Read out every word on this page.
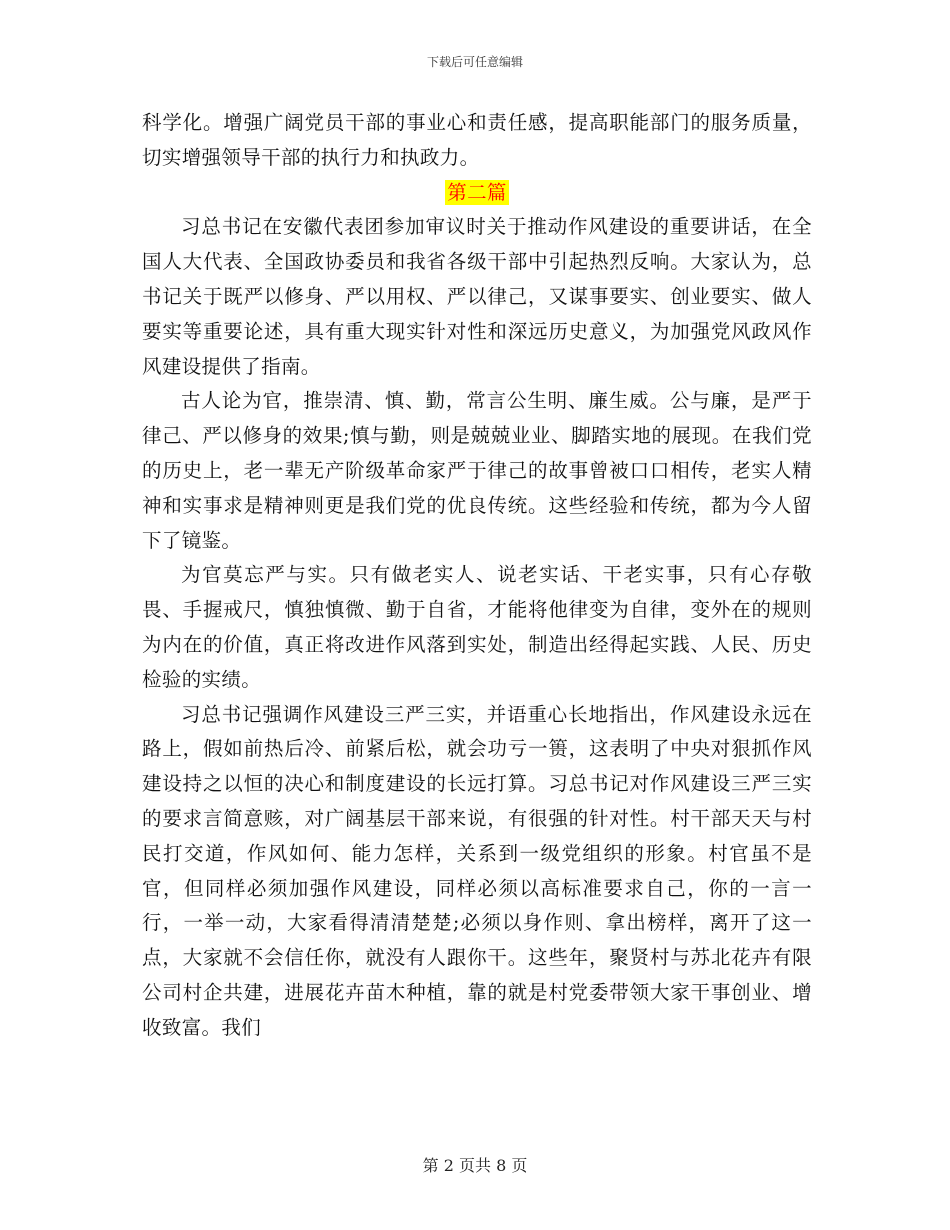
下载后可任意编辑

科学化。增强广阔党员干部的事业心和责任感，提高职能部门的服务质量，切实增强领导干部的执行力和执政力。

第二篇

习总书记在安徽代表团参加审议时关于推动作风建设的重要讲话，在全国人大代表、全国政协委员和我省各级干部中引起热烈反响。大家认为，总书记关于既严以修身、严以用权、严以律己，又谋事要实、创业要实、做人要实等重要论述，具有重大现实针对性和深远历史意义，为加强党风政风作风建设提供了指南。

古人论为官，推崇清、慎、勤，常言公生明、廉生威。公与廉，是严于律己、严以修身的效果;慎与勤，则是兢兢业业、脚踏实地的展现。在我们党的历史上，老一辈无产阶级革命家严于律己的故事曾被口口相传，老实人精神和实事求是精神则更是我们党的优良传统。这些经验和传统，都为今人留下了镜鉴。

为官莫忘严与实。只有做老实人、说老实话、干老实事，只有心存敬畏、手握戒尺，慎独慎微、勤于自省，才能将他律变为自律，变外在的规则为内在的价值，真正将改进作风落到实处，制造出经得起实践、人民、历史检验的实绩。

习总书记强调作风建设三严三实，并语重心长地指出，作风建设永远在路上，假如前热后冷、前紧后松，就会功亏一篑，这表明了中央对狠抓作风建设持之以恒的决心和制度建设的长远打算。习总书记对作风建设三严三实的要求言简意赅，对广阔基层干部来说，有很强的针对性。村干部天天与村民打交道，作风如何、能力怎样，关系到一级党组织的形象。村官虽不是官，但同样必须加强作风建设，同样必须以高标准要求自己，你的一言一行，一举一动，大家看得清清楚楚;必须以身作则、拿出榜样，离开了这一点，大家就不会信任你，就没有人跟你干。这些年，聚贤村与苏北花卉有限公司村企共建，进展花卉苗木种植，靠的就是村党委带领大家干事创业、增收致富。我们

第 2 页共 8 页
